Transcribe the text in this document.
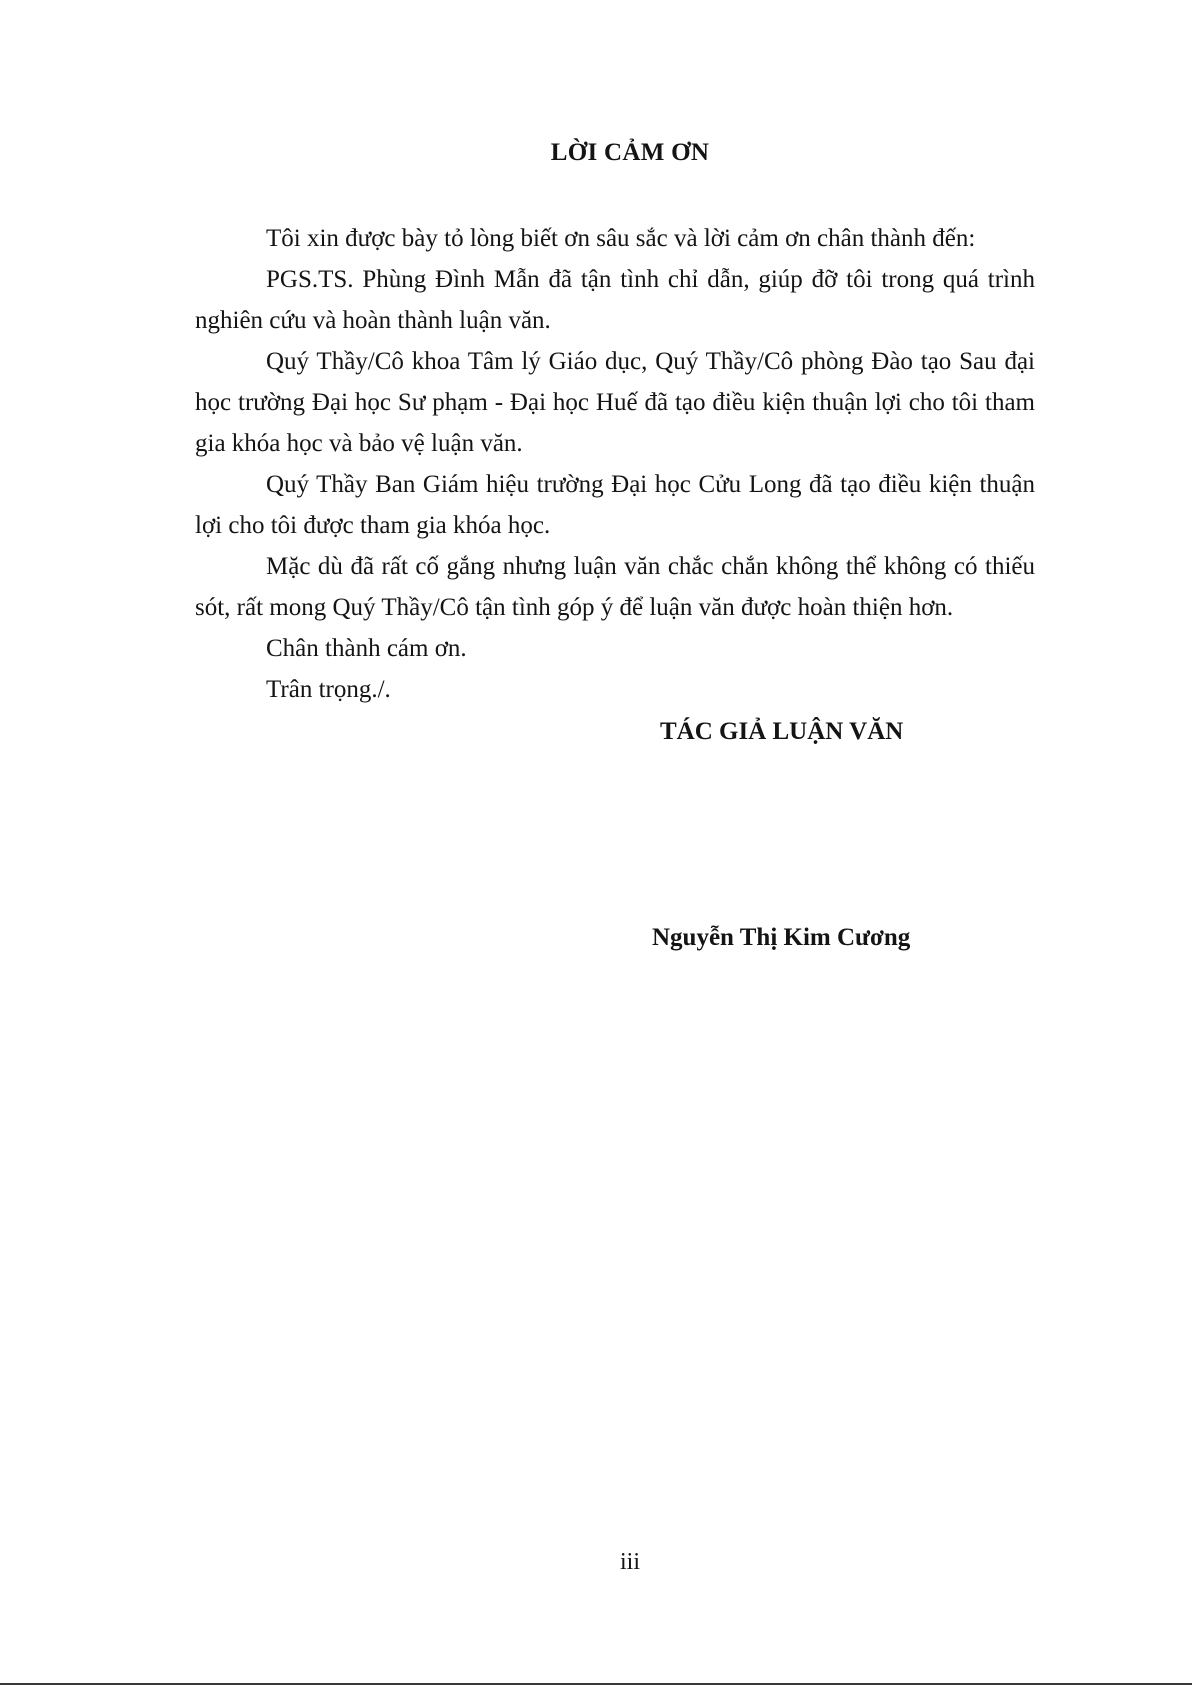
LỜI CẢM ƠN

Tôi xin được bày tỏ lòng biết ơn sâu sắc và lời cảm ơn chân thành đến:

PGS.TS. Phùng Đình Mẫn đã tận tình chỉ dẫn, giúp đỡ tôi trong quá trình nghiên cứu và hoàn thành luận văn.

Quý Thầy/Cô khoa Tâm lý Giáo dục, Quý Thầy/Cô phòng Đào tạo Sau đại học trường Đại học Sư phạm - Đại học Huế đã tạo điều kiện thuận lợi cho tôi tham gia khóa học và bảo vệ luận văn.

Quý Thầy Ban Giám hiệu trường Đại học Cửu Long đã tạo điều kiện thuận lợi cho tôi được tham gia khóa học.

Mặc dù đã rất cố gắng nhưng luận văn chắc chắn không thể không có thiếu sót, rất mong Quý Thầy/Cô tận tình góp ý để luận văn được hoàn thiện hơn.

Chân thành cám ơn.

Trân trọng./.

TÁC GIẢ LUẬN VĂN

Nguyễn Thị Kim Cương

iii
